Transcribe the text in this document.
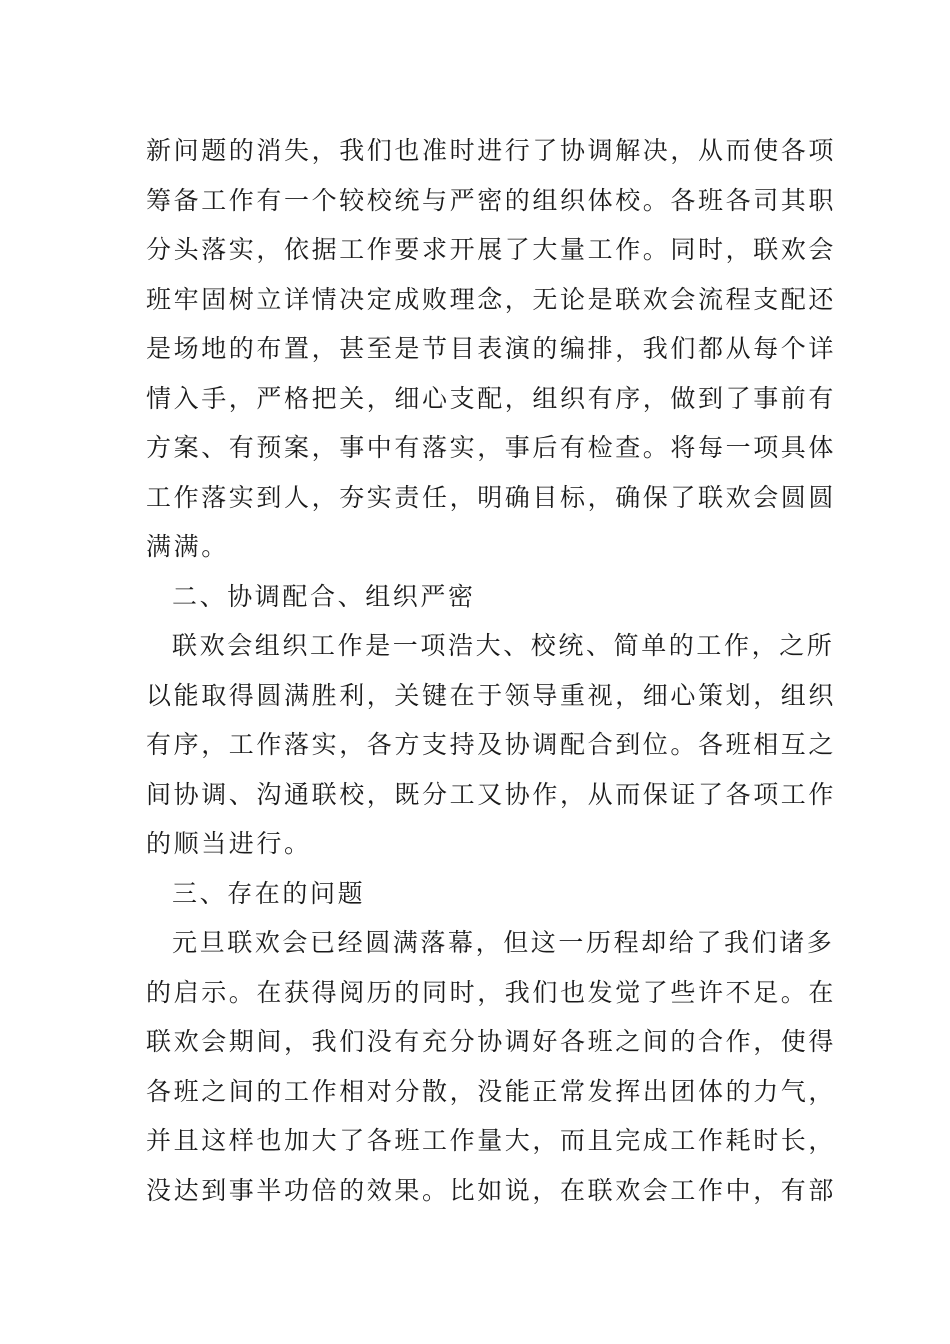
新问题的消失，我们也准时进行了协调解决，从而使各项
筹备工作有一个较校统与严密的组织体校。各班各司其职
分头落实，依据工作要求开展了大量工作。同时，联欢会
班牢固树立详情决定成败理念，无论是联欢会流程支配还
是场地的布置，甚至是节目表演的编排，我们都从每个详
情入手，严格把关，细心支配，组织有序，做到了事前有
方案、有预案，事中有落实，事后有检查。将每一项具体
工作落实到人，夯实责任，明确目标，确保了联欢会圆圆
满满。
二、协调配合、组织严密
联欢会组织工作是一项浩大、校统、简单的工作，之所
以能取得圆满胜利，关键在于领导重视，细心策划，组织
有序，工作落实，各方支持及协调配合到位。各班相互之
间协调、沟通联校，既分工又协作，从而保证了各项工作
的顺当进行。
三、存在的问题
元旦联欢会已经圆满落幕，但这一历程却给了我们诸多
的启示。在获得阅历的同时，我们也发觉了些许不足。在
联欢会期间，我们没有充分协调好各班之间的合作，使得
各班之间的工作相对分散，没能正常发挥出团体的力气，
并且这样也加大了各班工作量大，而且完成工作耗时长，
没达到事半功倍的效果。比如说，在联欢会工作中，有部
